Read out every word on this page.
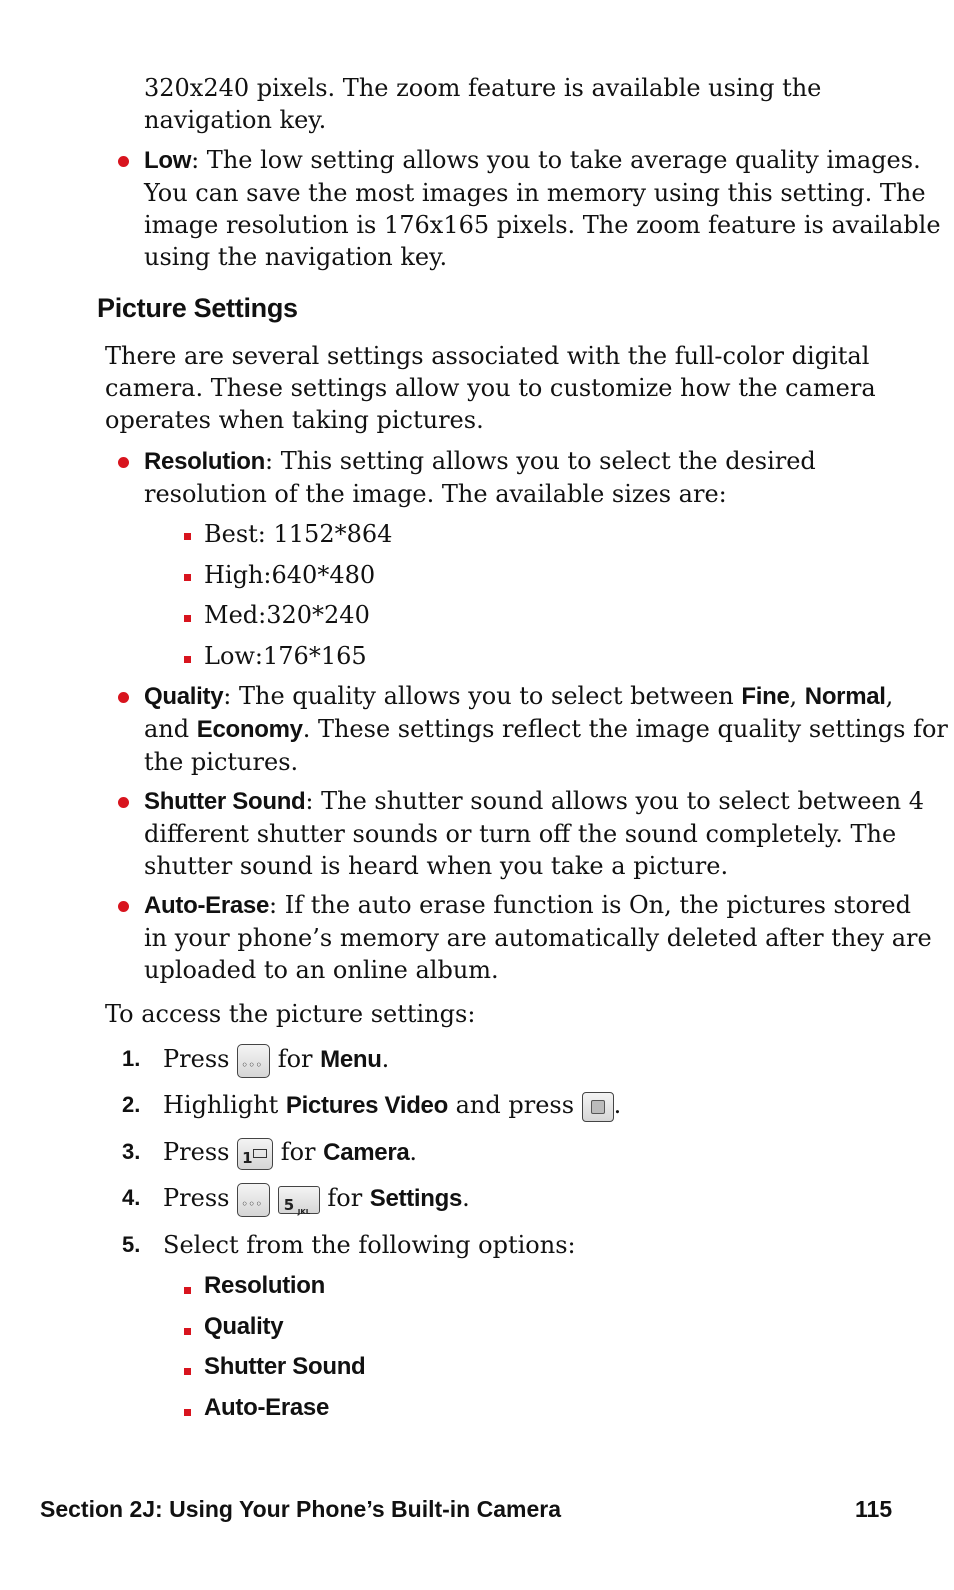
320x240 pixels. The zoom feature is available using the
navigation key.
Low: The low setting allows you to take average quality images.
You can save the most images in memory using this setting. The
image resolution is 176x165 pixels. The zoom feature is available
using the navigation key.
Picture Settings
There are several settings associated with the full-color digital
camera. These settings allow you to customize how the camera
operates when taking pictures.
Resolution: This setting allows you to select the desired
resolution of the image. The available sizes are:
Best: 1152*864
High:640*480
Med:320*240
Low:176*165
Quality: The quality allows you to select between Fine, Normal,
and Economy. These settings reflect the image quality settings for
the pictures.
Shutter Sound: The shutter sound allows you to select between 4
different shutter sounds or turn off the sound completely. The
shutter sound is heard when you take a picture.
Auto-Erase: If the auto erase function is On, the pictures stored
in your phone’s memory are automatically deleted after they are
uploaded to an online album.
To access the picture settings:
1. Press ◦◦◦ for Menu.
2. Highlight Pictures Video and press
.
3. Press 1 for Camera.
4. Press ◦◦◦
5 JKL for Settings.
5. Select from the following options:
Resolution
Quality
Shutter Sound
Auto-Erase
Section 2J: Using Your Phone’s Built-in Camera	115
